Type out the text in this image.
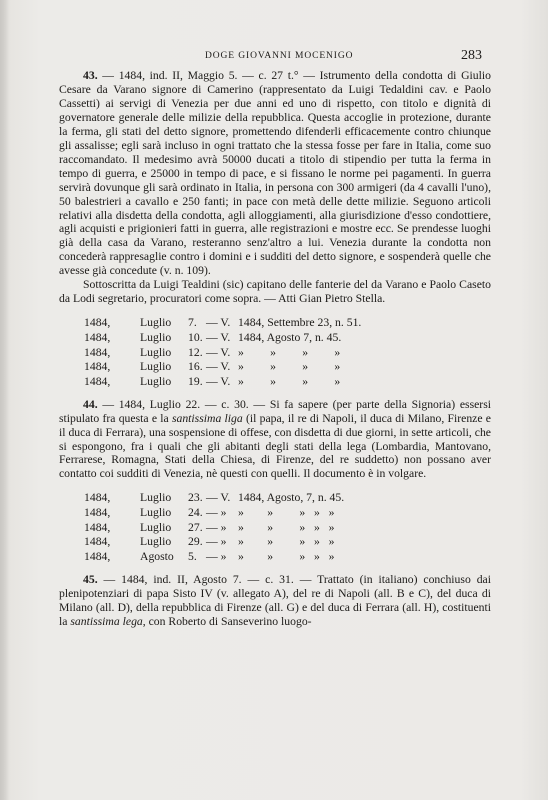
DOGE GIOVANNI MOCENIGO	283

43. — 1484, ind. II, Maggio 5. — c. 27 t.° — Istrumento della condotta di Giulio Cesare da Varano signore di Camerino (rappresentato da Luigi Tedaldini cav. e Paolo Cassetti) ai servigi di Venezia per due anni ed uno di rispetto, con titolo e dignità di governatore generale delle milizie della repubblica. Questa accoglie in protezione, durante la ferma, gli stati del detto signore, promettendo difenderli efficacemente contro chiunque gli assalisse; egli sarà incluso in ogni trattato che la stessa fosse per fare in Italia, come suo raccomandato. Il medesimo avrà 50000 ducati a titolo di stipendio per tutta la ferma in tempo di guerra, e 25000 in tempo di pace, e si fissano le norme pei pagamenti. In guerra servirà dovunque gli sarà ordinato in Italia, in persona con 300 armigeri (da 4 cavalli l'uno), 50 balestrieri a cavallo e 250 fanti; in pace con metà delle dette milizie. Seguono articoli relativi alla disdetta della condotta, agli alloggiamenti, alla giurisdizione d'esso condottiere, agli acquisti e prigionieri fatti in guerra, alle registrazioni e mostre ecc. Se prendesse luoghi già della casa da Varano, resteranno senz'altro a lui. Venezia durante la condotta non concederà rappresaglie contro i domini e i sudditi del detto signore, e sospenderà quelle che avesse già concedute (v. n. 109).

Sottoscritta da Luigi Tealdini (sic) capitano delle fanterie del da Varano e Paolo Caseto da Lodi segretario, procuratori come sopra. — Atti Gian Pietro Stella.

1484,	Luglio	7. — V. 1484, Settembre 23, n. 51.
1484,	Luglio	10. — V. 1484, Agosto 7, n. 45.
1484,	Luglio	12. — V. »         »         »         »
1484,	Luglio	16. — V. »         »         »         »
1484,	Luglio	19. — V. »         »         »         »

44. — 1484, Luglio 22. — c. 30. — Si fa sapere (per parte della Signoria) essersi stipulato fra questa e la santissima liga (il papa, il re di Napoli, il duca di Milano, Firenze e il duca di Ferrara), una sospensione di offese, con disdetta di due giorni, in sette articoli, che si espongono, fra i quali che gli abitanti degli stati della lega (Lombardia, Mantovano, Ferrarese, Romagna, Stati della Chiesa, di Firenze, del re suddetto) non possano aver contatto coi sudditi di Venezia, nè questi con quelli. Il documento è in volgare.

1484,	Luglio	23. — V. 1484, Agosto, 7, n. 45.
1484,	Luglio	24. — » »        »         »   »   »
1484,	Luglio	27. — » »        »         »   »   »
1484,	Luglio	29. — » »        »         »   »   »
1484,	Agosto	5. — » »        »         »   »   »

45. — 1484, ind. II, Agosto 7. — c. 31. — Trattato (in italiano) conchiuso dai plenipotenziari di papa Sisto IV (v. allegato A), del re di Napoli (all. B e C), del duca di Milano (all. D), della repubblica di Firenze (all. G) e del duca di Ferrara (all. H), costituenti la santissima lega, con Roberto di Sanseverino luogo-
